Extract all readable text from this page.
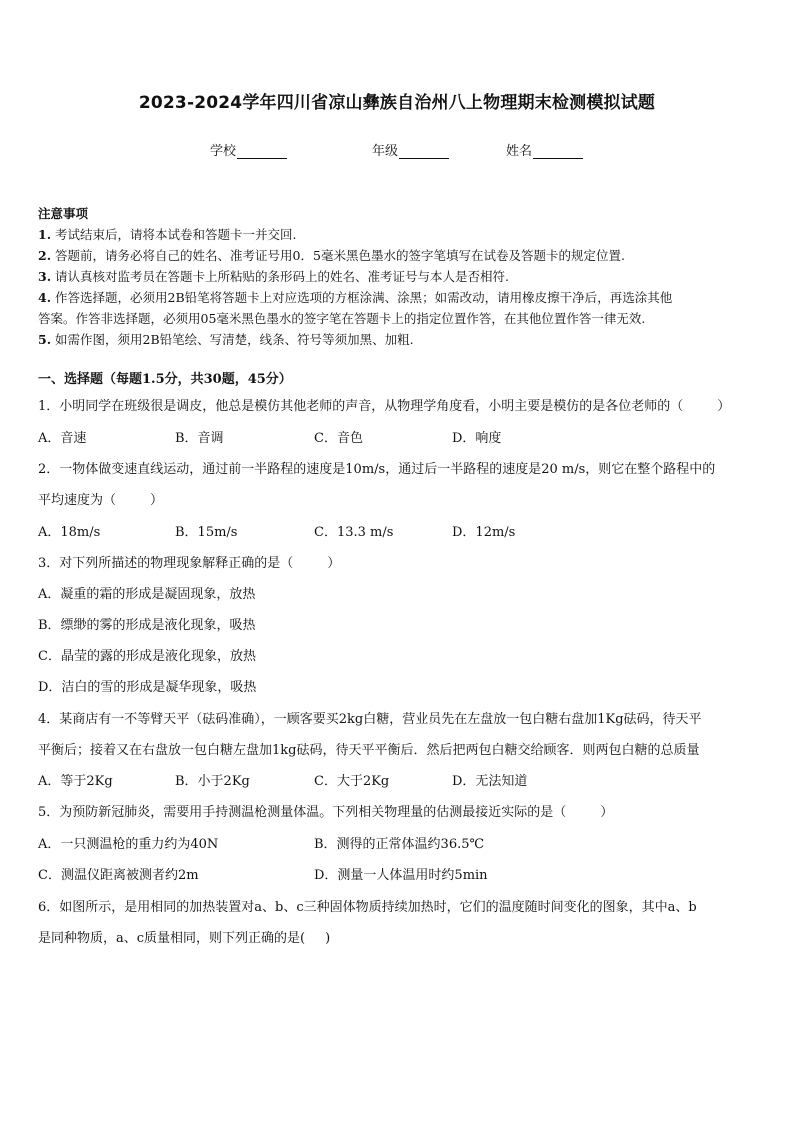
2023-2024学年四川省凉山彝族自治州八上物理期末检测模拟试题
学校	年级	姓名
注意事项
1. 考试结束后，请将本试卷和答题卡一并交回.
2. 答题前，请务必将自己的姓名、准考证号用0．5毫米黑色墨水的签字笔填写在试卷及答题卡的规定位置.
3. 请认真核对监考员在答题卡上所粘贴的条形码上的姓名、准考证号与本人是否相符.
4. 作答选择题，必须用2B铅笔将答题卡上对应选项的方框涂满、涂黑；如需改动，请用橡皮擦干净后，再选涂其他
答案。作答非选择题，必须用05毫米黑色墨水的签字笔在答题卡上的指定位置作答，在其他位置作答一律无效.
5. 如需作图，须用2B铅笔绘、写清楚，线条、符号等须加黑、加粗.
一、选择题（每题1.5分，共30题，45分）
1．小明同学在班级很是调皮，他总是模仿其他老师的声音，从物理学角度看，小明主要是模仿的是各位老师的（	）
A．音速	B．音调	C．音色	D．响度
2．一物体做变速直线运动，通过前一半路程的速度是10m/s，通过后一半路程的速度是20 m/s，则它在整个路程中的
平均速度为（	）
A．18m/s	B．15m/s	C．13.3 m/s	D．12m/s
3．对下列所描述的物理现象解释正确的是（	）
A．凝重的霜的形成是凝固现象，放热
B．缥缈的雾的形成是液化现象，吸热
C．晶莹的露的形成是液化现象，放热
D．洁白的雪的形成是凝华现象，吸热
4．某商店有一不等臂天平（砝码准确），一顾客要买2kg白糖，营业员先在左盘放一包白糖右盘加1Kg砝码，待天平
平衡后；接着又在右盘放一包白糖左盘加1kg砝码，待天平平衡后．然后把两包白糖交给顾客．则两包白糖的总质量
A．等于2Kg	B．小于2Kg	C．大于2Kg	D．无法知道
5．为预防新冠肺炎，需要用手持测温枪测量体温。下列相关物理量的估测最接近实际的是（	）
A．一只测温枪的重力约为40N	B．测得的正常体温约36.5℃
C．测温仪距离被测者约2m	D．测量一人体温用时约5min
6．如图所示，是用相同的加热装置对a、b、c三种固体物质持续加热时，它们的温度随时间变化的图象，其中a、b
是同种物质，a、c质量相同，则下列正确的是( )
